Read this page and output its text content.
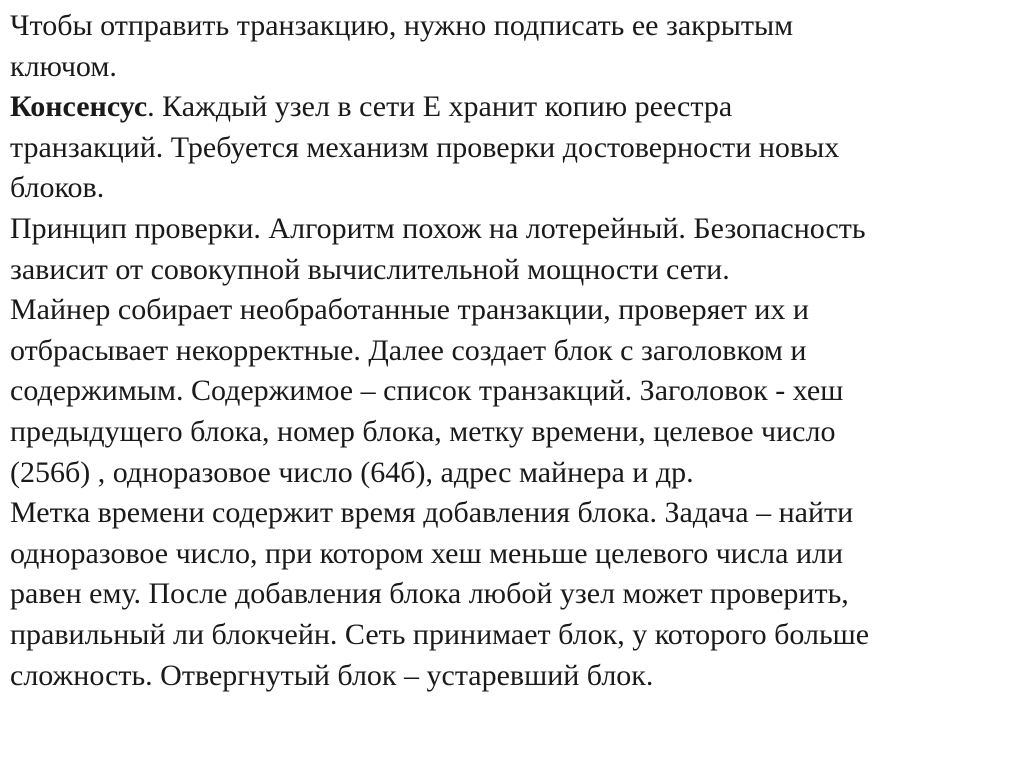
Чтобы отправить транзакцию, нужно подписать ее закрытым
ключом.

Консенсус. Каждый узел в сети E хранит копию реестра
транзакций. Требуется механизм проверки достоверности новых
блоков.

Принцип проверки. Алгоритм похож на лотерейный. Безопасность
зависит от совокупной вычислительной мощности сети.

Майнер собирает необработанные транзакции, проверяет их и
отбрасывает некорректные. Далее создает блок с заголовком и
содержимым. Содержимое – список транзакций. Заголовок - хеш
предыдущего блока, номер блока, метку времени, целевое число
(256б) , одноразовое число (64б), адрес майнера и др.

Метка времени содержит время добавления блока. Задача – найти
одноразовое число, при котором хеш меньше целевого числа или
равен ему. После добавления блока любой узел может проверить,
правильный ли блокчейн. Сеть принимает блок, у которого больше
сложность. Отвергнутый блок – устаревший блок.
